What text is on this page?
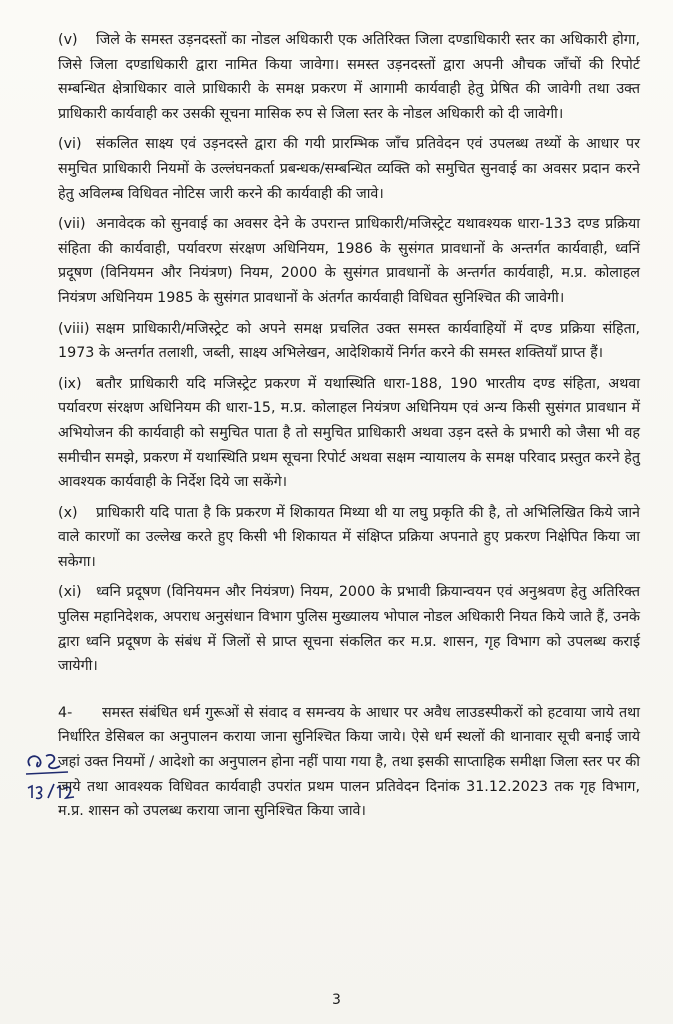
(v) जिले के समस्त उड़नदस्तों का नोडल अधिकारी एक अतिरिक्त जिला दण्डाधिकारी स्तर का अधिकारी होगा, जिसे जिला दण्डाधिकारी द्वारा नामित किया जावेगा। समस्त उड़नदस्तों द्वारा अपनी औचक जाँचों की रिपोर्ट सम्बन्धित क्षेत्राधिकार वाले प्राधिकारी के समक्ष प्रकरण में आगामी कार्यवाही हेतु प्रेषित की जावेगी तथा उक्त प्राधिकारी कार्यवाही कर उसकी सूचना मासिक रुप से जिला स्तर के नोडल अधिकारी को दी जावेगी।

(vi) संकलित साक्ष्य एवं उड़नदस्ते द्वारा की गयी प्रारम्भिक जाँच प्रतिवेदन एवं उपलब्ध तथ्यों के आधार पर समुचित प्राधिकारी नियमों के उल्लंघनकर्ता प्रबन्धक/सम्बन्धित व्यक्ति को समुचित सुनवाई का अवसर प्रदान करने हेतु अविलम्ब विधिवत नोटिस जारी करने की कार्यवाही की जावे।

(vii) अनावेदक को सुनवाई का अवसर देने के उपरान्त प्राधिकारी/मजिस्ट्रेट यथावश्यक धारा-133 दण्ड प्रक्रिया संहिता की कार्यवाही, पर्यावरण संरक्षण अधिनियम, 1986 के सुसंगत प्रावधानों के अन्तर्गत कार्यवाही, ध्वनिं प्रदूषण (विनियमन और नियंत्रण) नियम, 2000 के सुसंगत प्रावधानों के अन्तर्गत कार्यवाही, म.प्र. कोलाहल नियंत्रण अधिनियम 1985 के सुसंगत प्रावधानों के अंतर्गत कार्यवाही विधिवत सुनिश्चित की जावेगी।

(viii) सक्षम प्राधिकारी/मजिस्ट्रेट को अपने समक्ष प्रचलित उक्त समस्त कार्यवाहियों में दण्ड प्रक्रिया संहिता, 1973 के अन्तर्गत तलाशी, जब्ती, साक्ष्य अभिलेखन, आदेशिकायें निर्गत करने की समस्त शक्तियाँ प्राप्त हैं।

(ix) बतौर प्राधिकारी यदि मजिस्ट्रेट प्रकरण में यथास्थिति धारा-188, 190 भारतीय दण्ड संहिता, अथवा पर्यावरण संरक्षण अधिनियम की धारा-15, म.प्र. कोलाहल नियंत्रण अधिनियम एवं अन्य किसी सुसंगत प्रावधान में अभियोजन की कार्यवाही को समुचित पाता है तो समुचित प्राधिकारी अथवा उड़न दस्ते के प्रभारी को जैसा भी वह समीचीन समझे, प्रकरण में यथास्थिति प्रथम सूचना रिपोर्ट अथवा सक्षम न्यायालय के समक्ष परिवाद प्रस्तुत करने हेतु आवश्यक कार्यवाही के निर्देश दिये जा सकेंगे।

(x) प्राधिकारी यदि पाता है कि प्रकरण में शिकायत मिथ्या थी या लघु प्रकृति की है, तो अभिलिखित किये जाने वाले कारणों का उल्लेख करते हुए किसी भी शिकायत में संक्षिप्त प्रक्रिया अपनाते हुए प्रकरण निक्षेपित किया जा सकेगा।

(xi) ध्वनि प्रदूषण (विनियमन और नियंत्रण) नियम, 2000 के प्रभावी क्रियान्वयन एवं अनुश्रवण हेतु अतिरिक्त पुलिस महानिदेशक, अपराध अनुसंधान विभाग पुलिस मुख्यालय भोपाल नोडल अधिकारी नियत किये जाते हैं, उनके द्वारा ध्वनि प्रदूषण के संबंध में जिलों से प्राप्त सूचना संकलित कर म.प्र. शासन, गृह विभाग को उपलब्ध कराई जायेगी।

4- समस्त संबंधित धर्म गुरूओं से संवाद व समन्वय के आधार पर अवैध लाउडस्पीकरों को हटवाया जाये तथा निर्धारित डेसिबल का अनुपालन कराया जाना सुनिश्चित किया जाये। ऐसे धर्म स्थलों की थानावार सूची बनाई जाये जहां उक्त नियमों / आदेशो का अनुपालन होना नहीं पाया गया है, तथा इसकी साप्ताहिक समीक्षा जिला स्तर पर की जाये तथा आवश्यक विधिवत कार्यवाही उपरांत प्रथम पालन प्रतिवेदन दिनांक 31.12.2023 तक गृह विभाग, म.प्र. शासन को उपलब्ध कराया जाना सुनिश्चित किया जावे।

3
